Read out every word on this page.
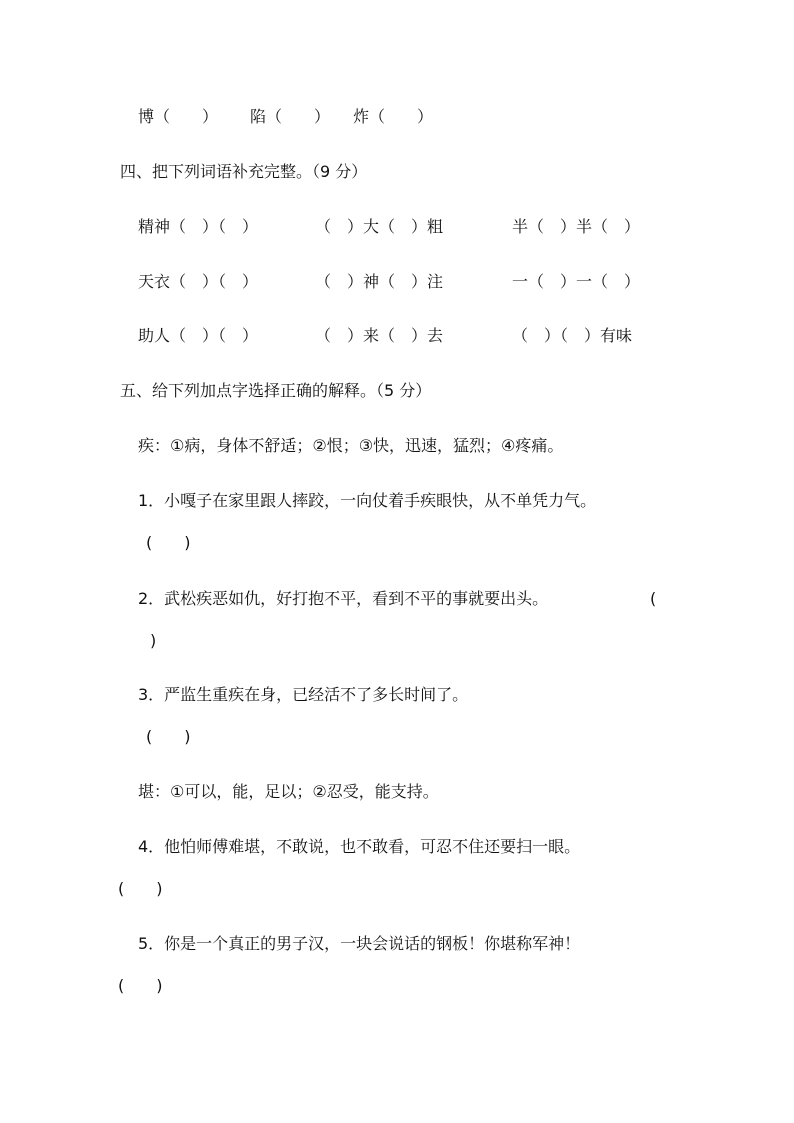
博（　　） 陷（　　） 炸（　　）
四、把下列词语补充完整。（9 分）
精神（　）（　）	（　）大（　）粗	半（　）半（　）
天衣（　）（　）	（　）神（　）注	一（　）一（　）
助人（　）（　）	（　）来（　）去	（　）（　）有味
五、给下列加点字选择正确的解释。（5 分）
疾：①病，身体不舒适；②恨；③快，迅速，猛烈；④疼痛。
1．小嘎子在家里跟人摔跤，一向仗着手疾眼快，从不单凭力气。
(　　)
2．武松疾恶如仇，好打抱不平，看到不平的事就要出头。	(
)
3．严监生重疾在身，已经活不了多长时间了。
(　　)
堪：①可以，能，足以；②忍受，能支持。
4．他怕师傅难堪，不敢说，也不敢看，可忍不住还要扫一眼。
(　　)
5．你是一个真正的男子汉，一块会说话的钢板！你堪称军神！
(　　)
